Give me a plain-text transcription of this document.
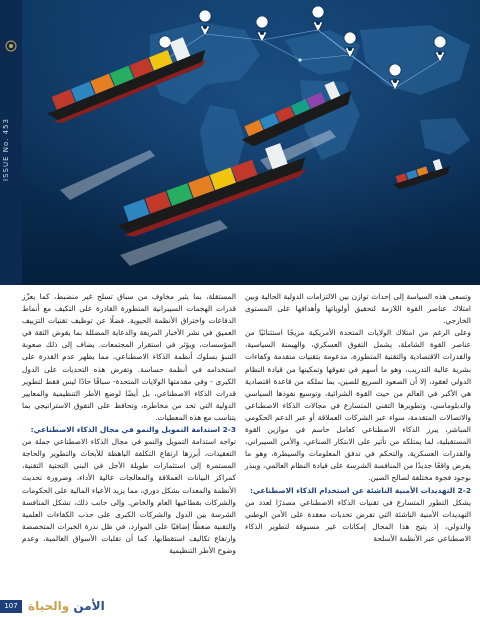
ISSUE No. 453

وتسعى هذه السياسة إلى إحداث توازن بين الالتزامات الدولية الحالية وبين امتلاك عناصر القوة اللازمة لتحقيق أولوياتها وأهدافها على المستوى الخارجي.

وعلى الرغم من امتلاك الولايات المتحدة الأمريكية مزيجًا استثنائيًا من عناصر القوة الشاملة، يشمل التفوق العسكري، والهيمنة السياسية، والقدرات الاقتصادية والتقنية المتطورة، مدعومة بتقنيات متقدمة وكفاءات بشرية عالية التدريب، وهو ما أسهم في تفوقها وتمكينها من قيادة النظام الدولي لعقود، إلا أن الصعود السريع للصين، بما تملكه من قاعدة اقتصادية هي الأكبر في العالم من حيث القوة الشرائية، وتوسيع نفوذها السياسي والدبلوماسي، وتطويرها التقني المتسارع في مجالات الذكاء الاصطناعي والاتصالات المتقدمة، سواء عبر الشركات العملاقة أو عبر الدعم الحكومي المباشر، يبرز الذكاء الاصطناعي كعامل حاسم في موازين القوة المستقبلية، لما يمتلكه من تأثير على الابتكار الصناعي، والأمن السيبراني، والقدرات العسكرية، والتحكم في تدفق المعلومات والسيطرة، وهو ما يفرض واقعًا جديدًا من المنافسة الشرسة على قيادة النظام العالمي، وينذر بوجود فجوة مختلفة لصالح الصين.

2-2 التهديدات الأمنية الناشئة عن استخدام الذكاء الاصطناعي:

يشكل التطور المتسارع في تقنيات الذكاء الاصطناعي مصدرًا لعدد من التهديدات الأمنية الناشئة التي تفرض تحديات معقدة على الأمن الوطني والدولي، إذ يتيح هذا المجال إمكانات غير مسبوقة لتطوير الذكاء الاصطناعي عبر الأنظمة الأسلحة

المستقلة، بما يثير مخاوف من سباق تسلح غير منضبط، كما يعزّز قدرات الهجمات السيبرانية المتطورة القادرة على التكيف مع أنماط الدفاعات واختراق الأنظمة الحيوية. فضلًا عن توظيف تقنيات التزييف العميق في نشر الأخبار المزيفة والدعاية المضللة بما يقوض الثقة في المؤسسات، ويؤثر في استقرار المجتمعات. يضاف إلى ذلك صعوبة التنبؤ بسلوك أنظمة الذكاء الاصطناعي، مما يظهر عدم القدرة على استخدامه في أنظمة حساسة. وتفرض هذه التحديات على الدول الكبرى - وفي مقدمتها الولايات المتحدة- سباقًا حادًا ليس فقط لتطوير قدرات الذكاء الاصطناعي، بل أيضًا لوضع الأطر التنظيمية والمعايير الدولية التي تحد من مخاطره، وتحافظ على التفوق الاستراتيجي بما يتناسب مع هذه المعطيات.

2-3 استدامة التمويل والنمو في مجال الذكاء الاصطناعي:

تواجه استدامة التمويل والنمو في مجال الذكاء الاصطناعي جملة من التعقيدات، أبرزها ارتفاع التكلفة الباهظة للأبحاث والتطوير والحاجة المستمرة إلى استثمارات طويلة الأجل في البنى التحتية التقنية، كمراكز البيانات العملاقة والمعالجات عالية الأداء، وضرورة تحديث الأنظمة والمعدات بشكل دوري، مما يزيد الأعباء المالية على الحكومات والشركات بقطاعيها العام والخاص. وإلى جانب ذلك، تشكل المنافسة الشرسة بين الدول والشركات الكبرى على جذب الكفاءات العلمية والتقنية ضغطًا إضافيًا على الموارد، في ظل ندرة الخبرات المتخصصة وارتفاع تكاليف استقطابها، كما أن تقلبات الأسواق العالمية، وعدم وضوح الأطر التنظيمية

107	الأمن والحياة
